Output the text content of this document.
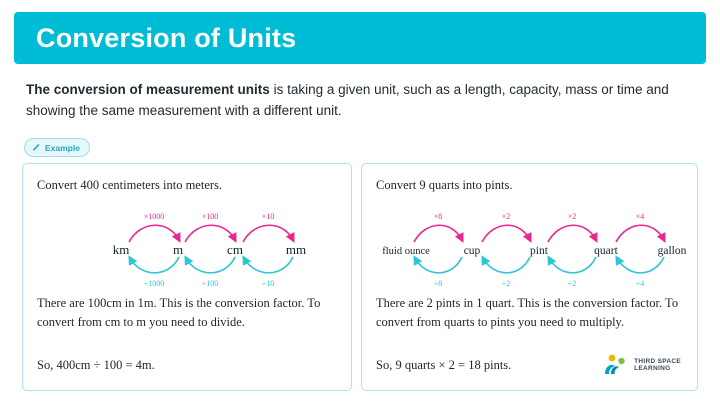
Conversion of Units
The conversion of measurement units is taking a given unit, such as a length, capacity, mass or time and showing the same measurement with a different unit.
Example
Convert 400 centimeters into meters.
km	m	cm	mm
×1000	×100	×10
÷1000	÷100	÷10
There are 100cm in 1m. This is the conversion factor. To convert from cm to m you need to divide.
So, 400cm ÷ 100 = 4m.
Convert 9 quarts into pints.
fluid ounce	cup	pint	quart	gallon
×8	×2	×2	×4
÷8	÷2	÷2	÷4
There are 2 pints in 1 quart. This is the conversion factor. To convert from quarts to pints you need to multiply.
So, 9 quarts × 2 = 18 pints.	THIRD SPACE
LEARNING
